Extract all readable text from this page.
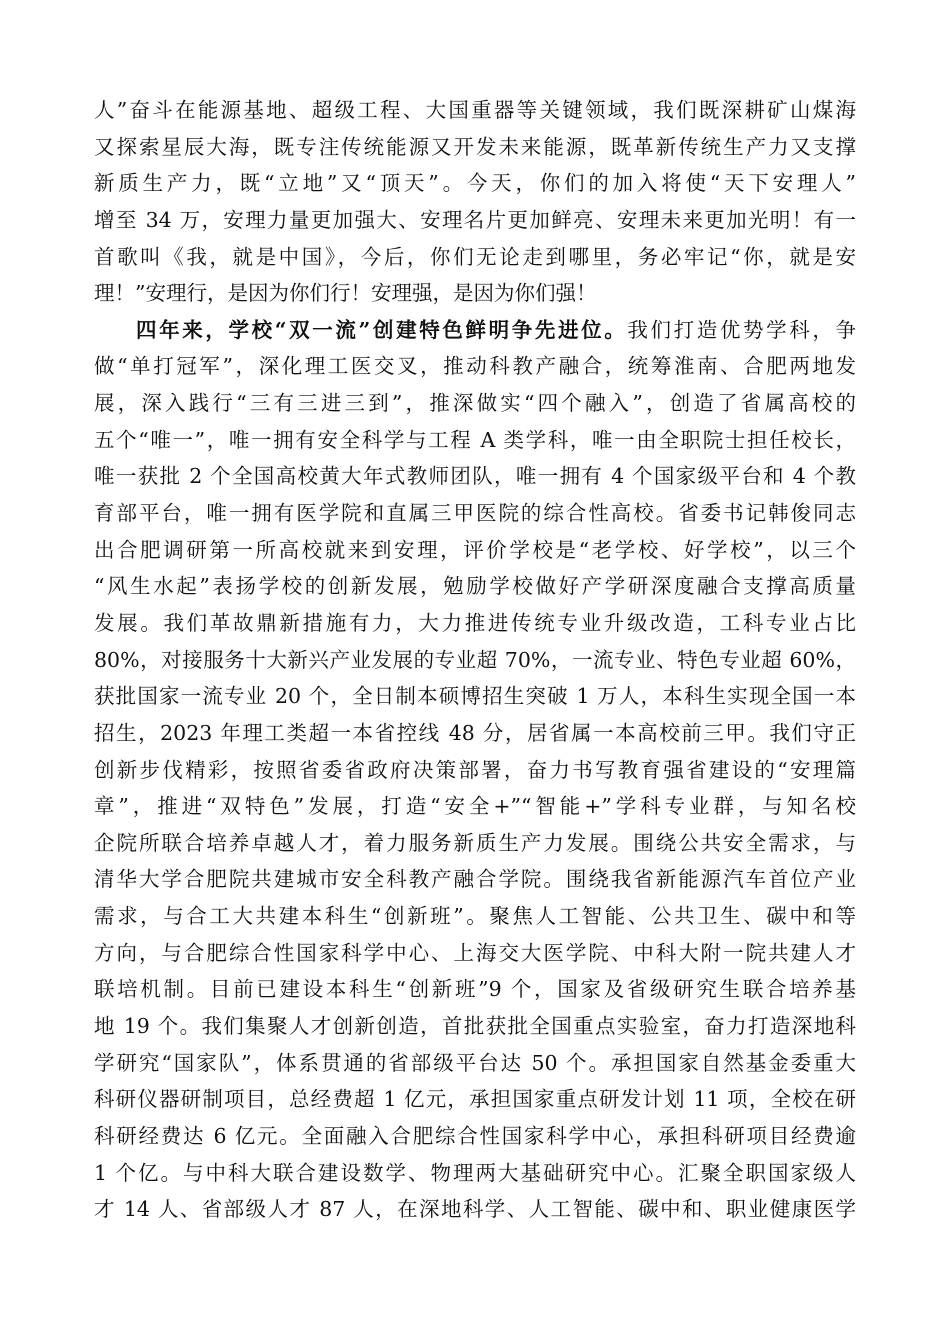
人”奋斗在能源基地、超级工程、大国重器等关键领域，我们既深耕矿山煤海
又探索星辰大海，既专注传统能源又开发未来能源，既革新传统生产力又支撑
新质生产力，既“立地”又“顶天”。今天，你们的加入将使“天下安理人”
增至 34 万，安理力量更加强大、安理名片更加鲜亮、安理未来更加光明！有一
首歌叫《我，就是中国》，今后，你们无论走到哪里，务必牢记“你，就是安
理！”安理行，是因为你们行！安理强，是因为你们强！
四年来，学校“双一流”创建特色鲜明争先进位。我们打造优势学科，争
做“单打冠军”，深化理工医交叉，推动科教产融合，统筹淮南、合肥两地发
展，深入践行“三有三进三到”，推深做实“四个融入”，创造了省属高校的
五个“唯一”，唯一拥有安全科学与工程 A 类学科，唯一由全职院士担任校长，
唯一获批 2 个全国高校黄大年式教师团队，唯一拥有 4 个国家级平台和 4 个教
育部平台，唯一拥有医学院和直属三甲医院的综合性高校。省委书记韩俊同志
出合肥调研第一所高校就来到安理，评价学校是“老学校、好学校”，以三个
“风生水起”表扬学校的创新发展，勉励学校做好产学研深度融合支撑高质量
发展。我们革故鼎新措施有力，大力推进传统专业升级改造，工科专业占比
80%，对接服务十大新兴产业发展的专业超 70%，一流专业、特色专业超 60%，
获批国家一流专业 20 个，全日制本硕博招生突破 1 万人，本科生实现全国一本
招生，2023 年理工类超一本省控线 48 分，居省属一本高校前三甲。我们守正
创新步伐精彩，按照省委省政府决策部署，奋力书写教育强省建设的“安理篇
章”，推进“双特色”发展，打造“安全+”“智能+”学科专业群，与知名校
企院所联合培养卓越人才，着力服务新质生产力发展。围绕公共安全需求，与
清华大学合肥院共建城市安全科教产融合学院。围绕我省新能源汽车首位产业
需求，与合工大共建本科生“创新班”。聚焦人工智能、公共卫生、碳中和等
方向，与合肥综合性国家科学中心、上海交大医学院、中科大附一院共建人才
联培机制。目前已建设本科生“创新班”9 个，国家及省级研究生联合培养基
地 19 个。我们集聚人才创新创造，首批获批全国重点实验室，奋力打造深地科
学研究“国家队”，体系贯通的省部级平台达 50 个。承担国家自然基金委重大
科研仪器研制项目，总经费超 1 亿元，承担国家重点研发计划 11 项，全校在研
科研经费达 6 亿元。全面融入合肥综合性国家科学中心，承担科研项目经费逾
1 个亿。与中科大联合建设数学、物理两大基础研究中心。汇聚全职国家级人
才 14 人、省部级人才 87 人，在深地科学、人工智能、碳中和、职业健康医学
